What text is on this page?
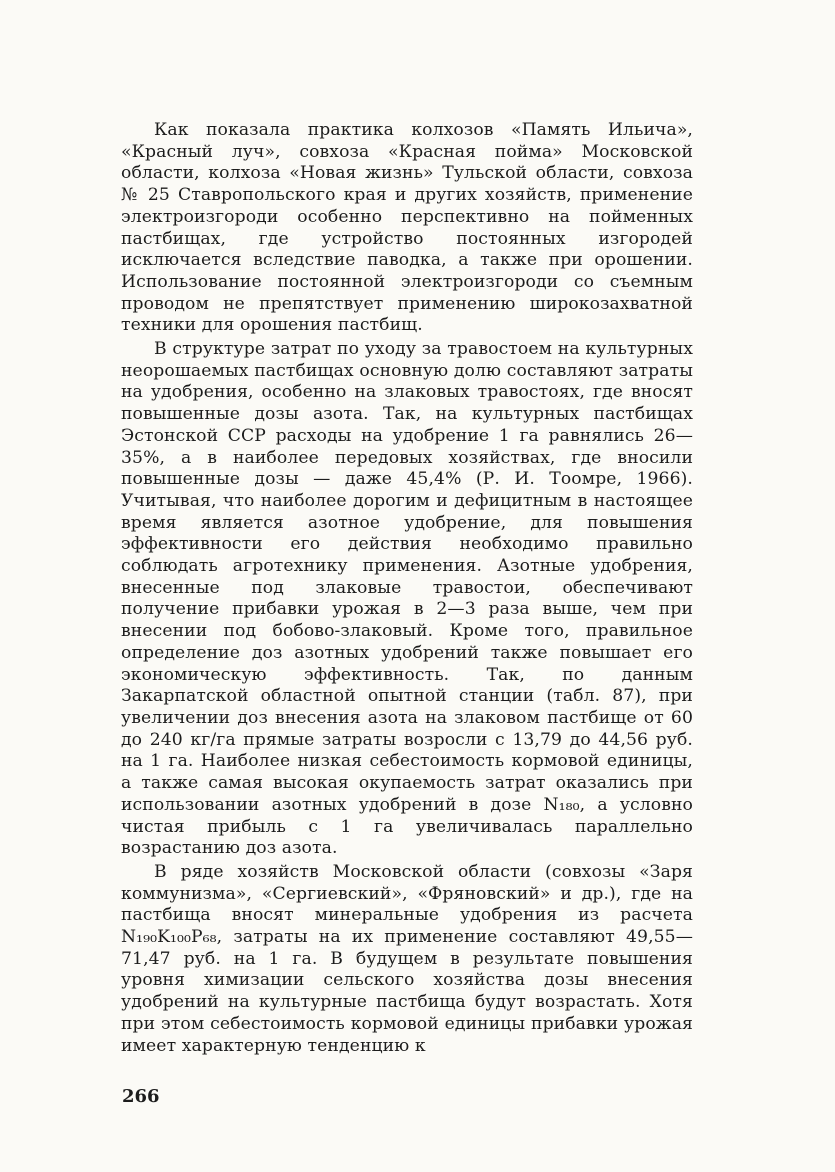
Как показала практика колхозов «Память Ильича», «Красный луч», совхоза «Красная пойма» Московской области, колхоза «Новая жизнь» Тульской области, совхоза № 25 Ставропольского края и других хозяйств, применение электроизгороди особенно перспективно на пойменных пастбищах, где устройство постоянных изгородей исключается вследствие паводка, а также при орошении. Использование постоянной электроизгороди со съемным проводом не препятствует применению широкозахватной техники для орошения пастбищ.

В структуре затрат по уходу за травостоем на культурных неорошаемых пастбищах основную долю составляют затраты на удобрения, особенно на злаковых травостоях, где вносят повышенные дозы азота. Так, на культурных пастбищах Эстонской ССР расходы на удобрение 1 га равнялись 26—35%, а в наиболее передовых хозяйствах, где вносили повышенные дозы — даже 45,4% (Р. И. Тоомре, 1966). Учитывая, что наиболее дорогим и дефицитным в настоящее время является азотное удобрение, для повышения эффективности его действия необходимо правильно соблюдать агротехнику применения. Азотные удобрения, внесенные под злаковые травостои, обеспечивают получение прибавки урожая в 2—3 раза выше, чем при внесении под бобово-злаковый. Кроме того, правильное определение доз азотных удобрений также повышает его экономическую эффективность. Так, по данным Закарпатской областной опытной станции (табл. 87), при увеличении доз внесения азота на злаковом пастбище от 60 до 240 кг/га прямые затраты возросли с 13,79 до 44,56 руб. на 1 га. Наиболее низкая себестоимость кормовой единицы, а также самая высокая окупаемость затрат оказались при использовании азотных удобрений в дозе N₁₈₀, а условно чистая прибыль с 1 га увеличивалась параллельно возрастанию доз азота.

В ряде хозяйств Московской области (совхозы «Заря коммунизма», «Сергиевский», «Фряновский» и др.), где на пастбища вносят минеральные удобрения из расчета N₁₉₀K₁₀₀P₆₈, затраты на их применение составляют 49,55—71,47 руб. на 1 га. В будущем в результате повышения уровня химизации сельского хозяйства дозы внесения удобрений на культурные пастбища будут возрастать. Хотя при этом себестоимость кормовой единицы прибавки урожая имеет характерную тенденцию к

266
